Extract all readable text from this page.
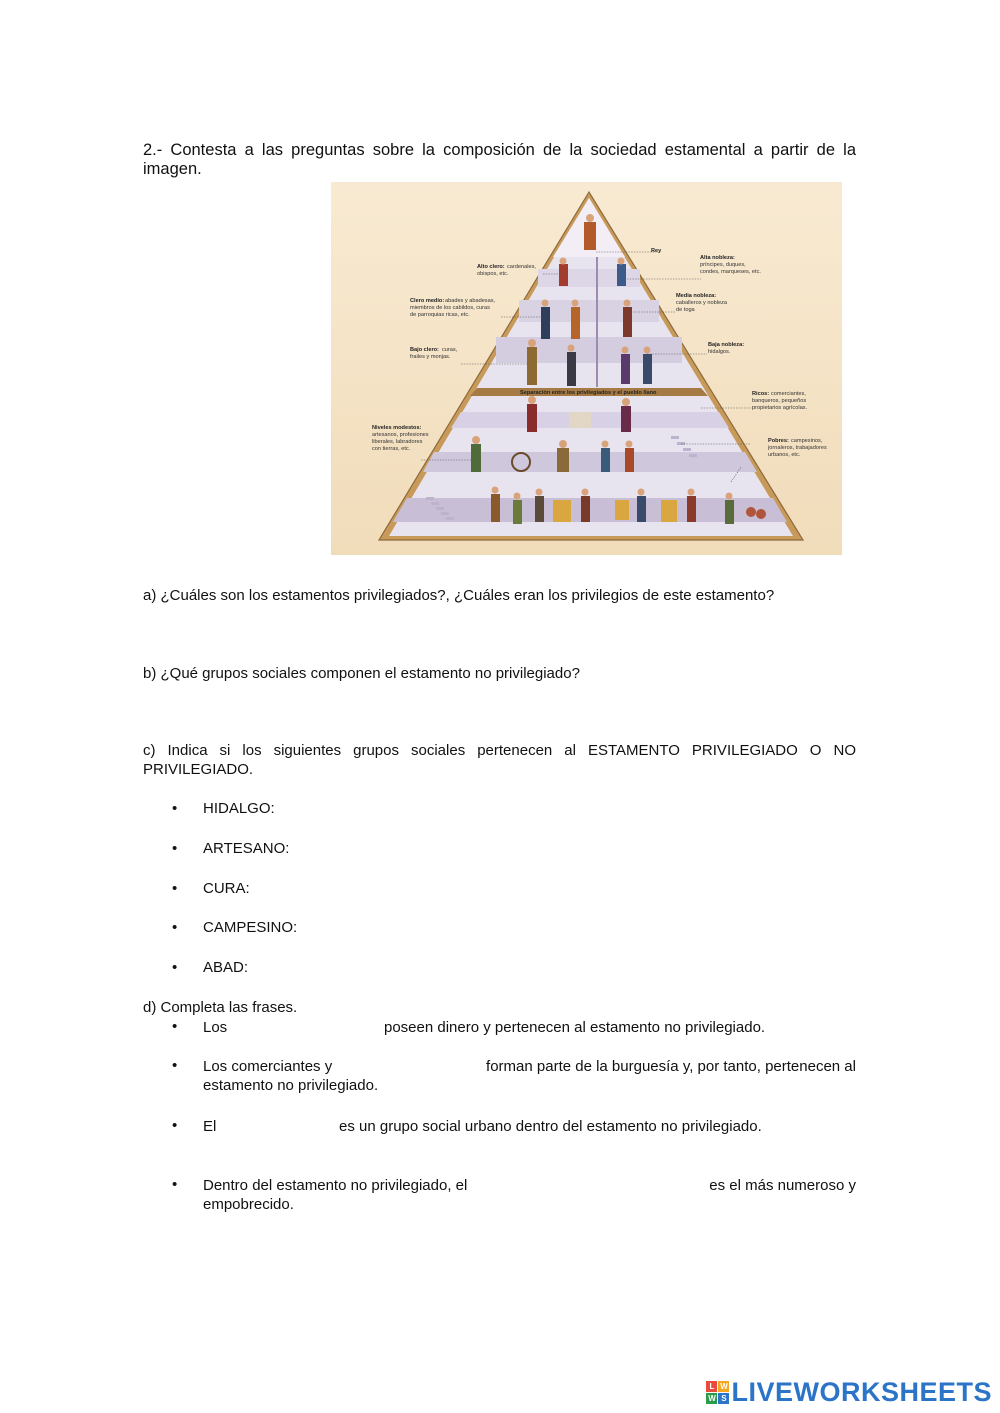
2.- Contesta a las preguntas sobre la composición de la sociedad estamental a partir de la imagen.
Rey
Alta nobleza:
príncipes, duques,
condes, marqueses, etc.
Alto clero: cardenales,
obispos, etc.
Media nobleza:
caballeros y nobleza
de toga
Clero medio: abades y abadesas,
miembros de los cabildos, curas
de parroquias ricas, etc.
Baja nobleza:
hidalgos.
Bajo clero: curas,
frailes y monjas.
Separación entre los privilegiados y el pueblo llano	Ricos: comerciantes,
banqueros, pequeños
propietarios agrícolas.
Niveles modestos:
artesanos, profesiones
liberales, labradores
con tierras, etc.
Pobres: campesinos,
jornaleros, trabajadores
urbanos, etc.
a) ¿Cuáles son los estamentos privilegiados?, ¿Cuáles eran los privilegios de este estamento?
b) ¿Qué grupos sociales componen el estamento no privilegiado?
c) Indica si los siguientes grupos sociales pertenecen al ESTAMENTO PRIVILEGIADO O NO PRIVILEGIADO.
• HIDALGO:
• ARTESANO:
• CURA:
• CAMPESINO:
• ABAD:
d) Completa las frases.
• Los	poseen dinero y pertenecen al estamento no privilegiado.
• Los comerciantes y	forman parte de la burguesía y, por tanto, pertenecen al
estamento no privilegiado.
• El	es un grupo social urbano dentro del estamento no privilegiado.
• Dentro del estamento no privilegiado, el	es el más numeroso y
empobrecido.
L W
W S LIVEWORKSHEETS
